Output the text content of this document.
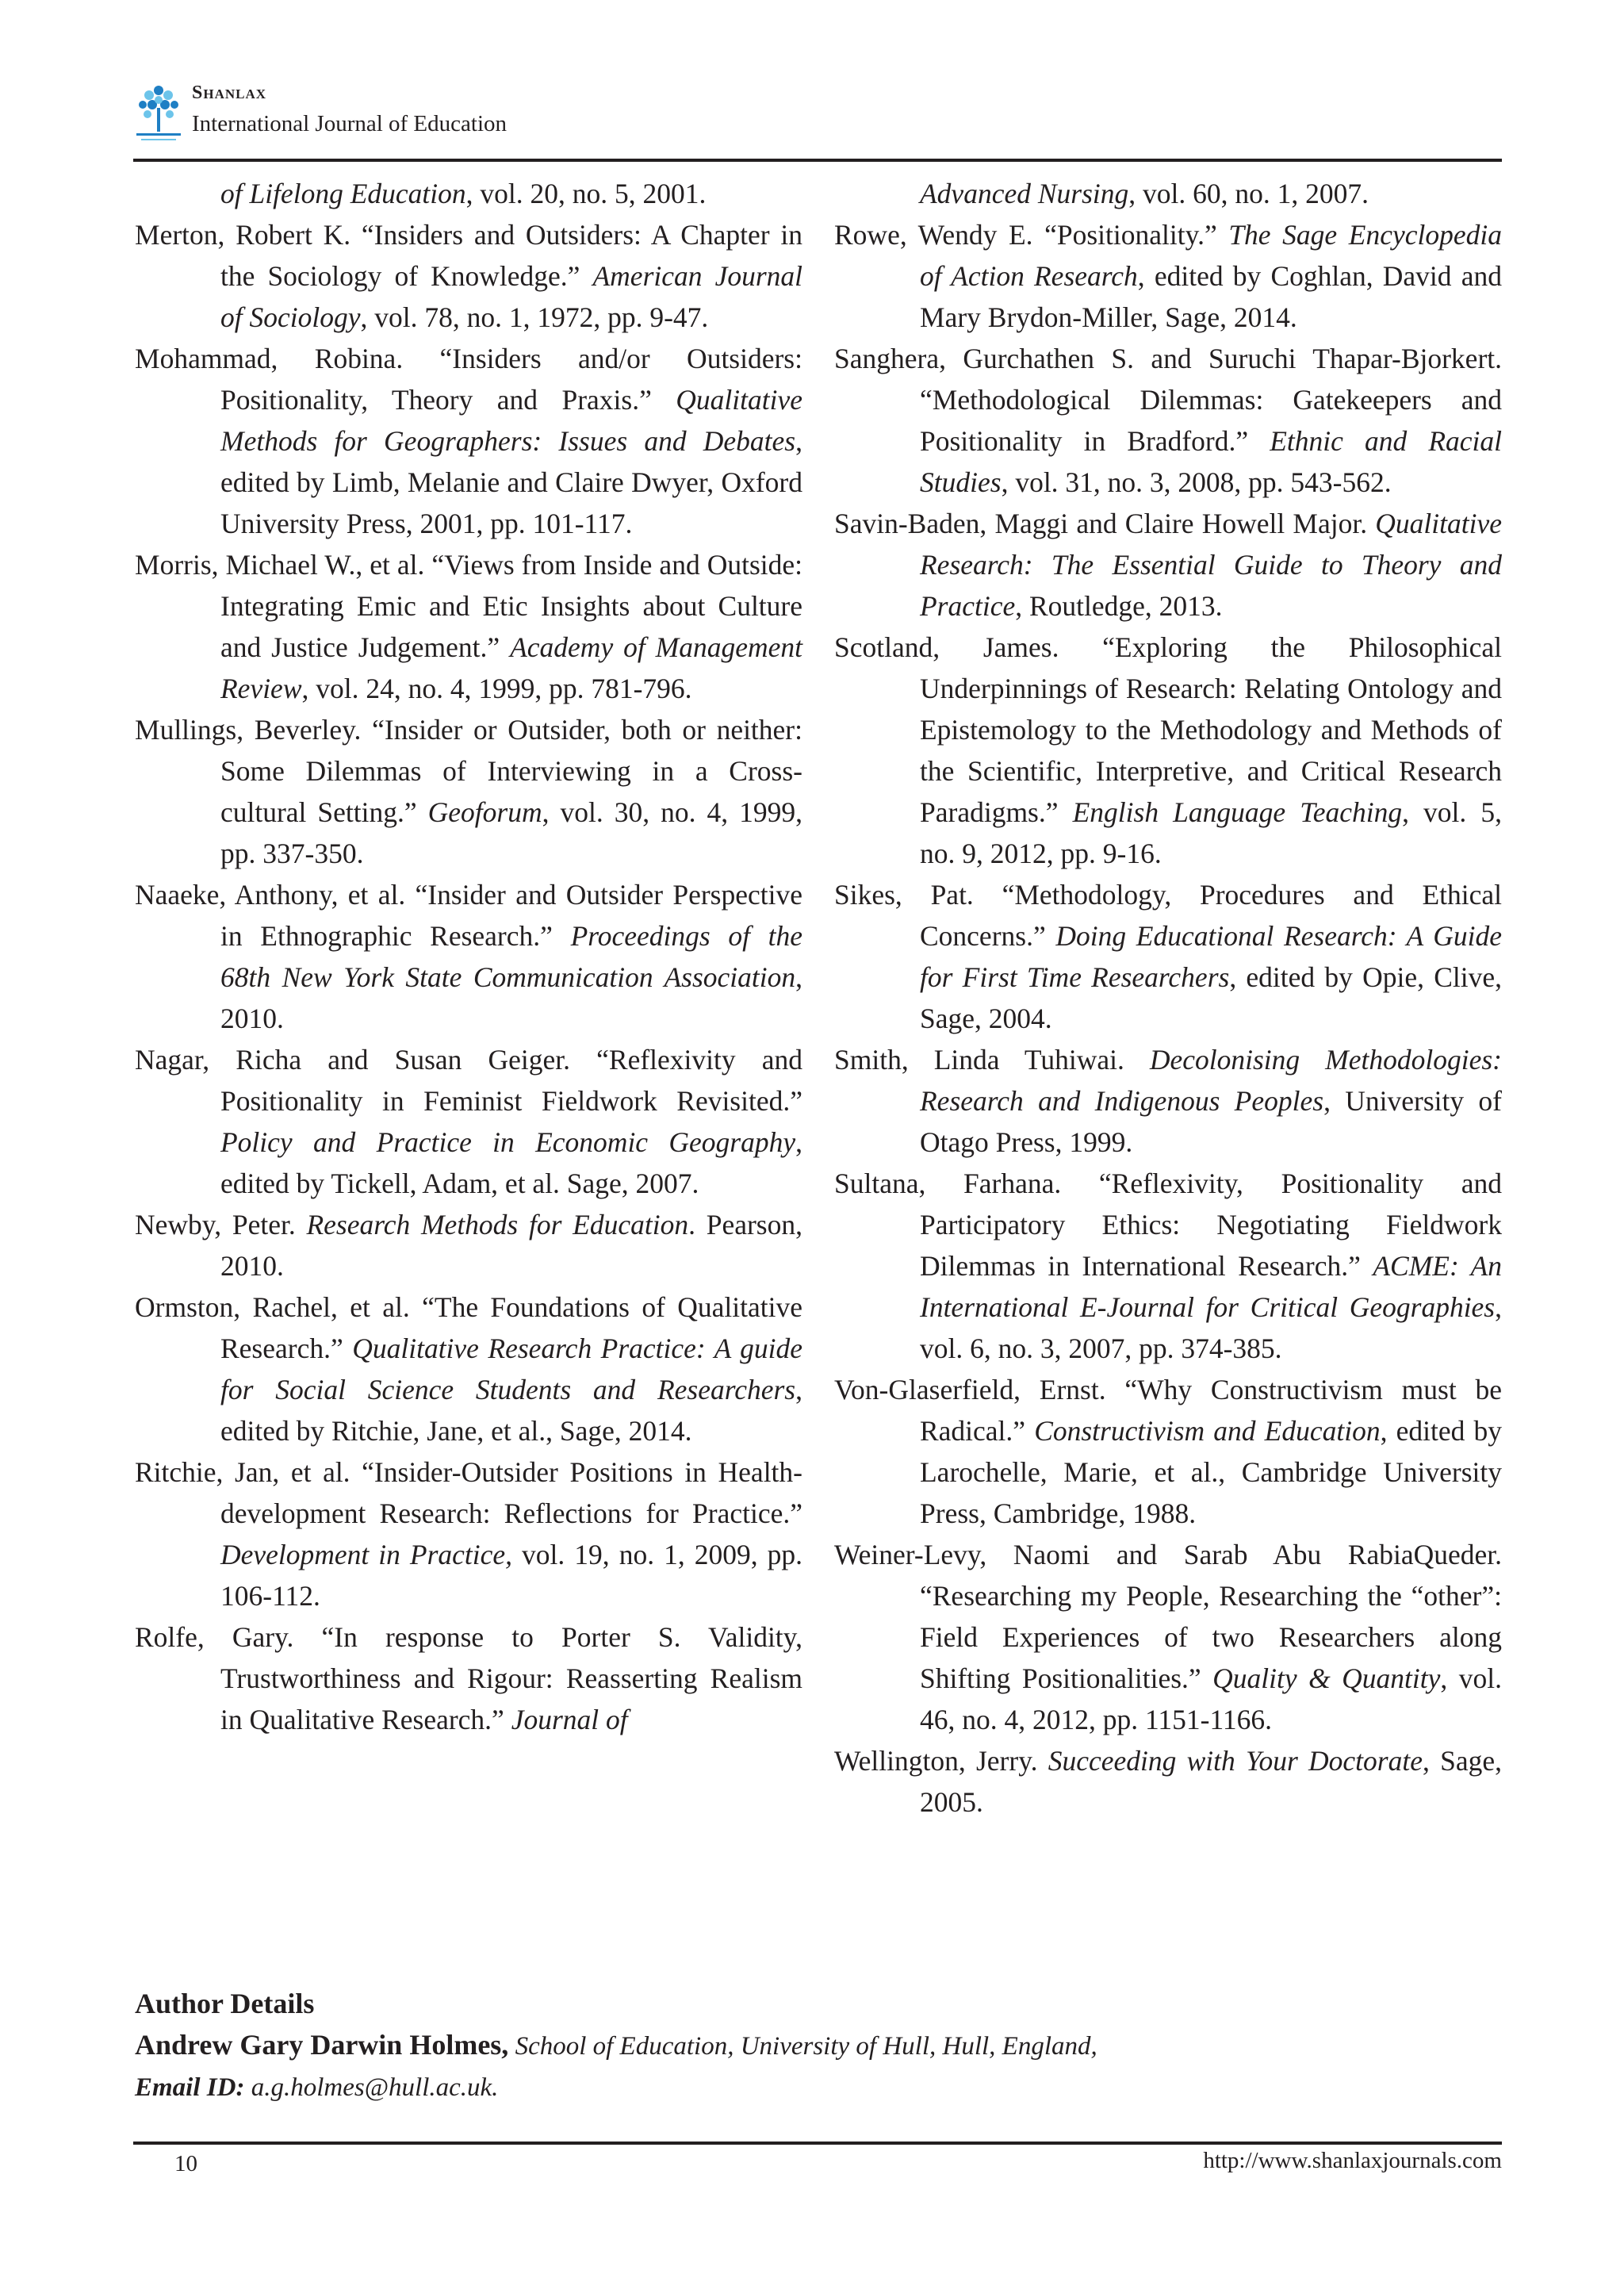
Shanlax
International Journal of Education
of Lifelong Education, vol. 20, no. 5, 2001.
Merton, Robert K. “Insiders and Outsiders: A Chapter in the Sociology of Knowledge.” American Journal of Sociology, vol. 78, no. 1, 1972, pp. 9-47.
Mohammad, Robina. “Insiders and/or Outsiders: Positionality, Theory and Praxis.” Qualitative Methods for Geographers: Issues and Debates, edited by Limb, Melanie and Claire Dwyer, Oxford University Press, 2001, pp. 101-117.
Morris, Michael W., et al. “Views from Inside and Outside: Integrating Emic and Etic Insights about Culture and Justice Judgement.” Academy of Management Review, vol. 24, no. 4, 1999, pp. 781-796.
Mullings, Beverley. “Insider or Outsider, both or neither: Some Dilemmas of Interviewing in a Cross-cultural Setting.” Geoforum, vol. 30, no. 4, 1999, pp. 337-350.
Naaeke, Anthony, et al. “Insider and Outsider Perspective in Ethnographic Research.” Proceedings of the 68th New York State Communication Association, 2010.
Nagar, Richa and Susan Geiger. “Reflexivity and Positionality in Feminist Fieldwork Revisited.” Policy and Practice in Economic Geography, edited by Tickell, Adam, et al. Sage, 2007.
Newby, Peter. Research Methods for Education. Pearson, 2010.
Ormston, Rachel, et al. “The Foundations of Qualitative Research.” Qualitative Research Practice: A guide for Social Science Students and Researchers, edited by Ritchie, Jane, et al., Sage, 2014.
Ritchie, Jan, et al. “Insider-Outsider Positions in Health-development Research: Reflections for Practice.” Development in Practice, vol. 19, no. 1, 2009, pp. 106-112.
Rolfe, Gary. “In response to Porter S. Validity, Trustworthiness and Rigour: Reasserting Realism in Qualitative Research.” Journal of
Advanced Nursing, vol. 60, no. 1, 2007.
Rowe, Wendy E. “Positionality.” The Sage Encyclopedia of Action Research, edited by Coghlan, David and Mary Brydon-Miller, Sage, 2014.
Sanghera, Gurchathen S. and Suruchi Thapar-Bjorkert. “Methodological Dilemmas: Gatekeepers and Positionality in Bradford.” Ethnic and Racial Studies, vol. 31, no. 3, 2008, pp. 543-562.
Savin-Baden, Maggi and Claire Howell Major. Qualitative Research: The Essential Guide to Theory and Practice, Routledge, 2013.
Scotland, James. “Exploring the Philosophical Underpinnings of Research: Relating Ontology and Epistemology to the Methodology and Methods of the Scientific, Interpretive, and Critical Research Paradigms.” English Language Teaching, vol. 5, no. 9, 2012, pp. 9-16.
Sikes, Pat. “Methodology, Procedures and Ethical Concerns.” Doing Educational Research: A Guide for First Time Researchers, edited by Opie, Clive, Sage, 2004.
Smith, Linda Tuhiwai. Decolonising Methodologies: Research and Indigenous Peoples, University of Otago Press, 1999.
Sultana, Farhana. “Reflexivity, Positionality and Participatory Ethics: Negotiating Fieldwork Dilemmas in International Research.” ACME: An International E-Journal for Critical Geographies, vol. 6, no. 3, 2007, pp. 374-385.
Von-Glaserfield, Ernst. “Why Constructivism must be Radical.” Constructivism and Education, edited by Larochelle, Marie, et al., Cambridge University Press, Cambridge, 1988.
Weiner-Levy, Naomi and Sarab Abu RabiaQueder. “Researching my People, Researching the “other”: Field Experiences of two Researchers along Shifting Positionalities.” Quality & Quantity, vol. 46, no. 4, 2012, pp. 1151-1166.
Wellington, Jerry. Succeeding with Your Doctorate, Sage, 2005.
Author Details
Andrew Gary Darwin Holmes, School of Education, University of Hull, Hull, England,
Email ID: a.g.holmes@hull.ac.uk.
10	http://www.shanlaxjournals.com
